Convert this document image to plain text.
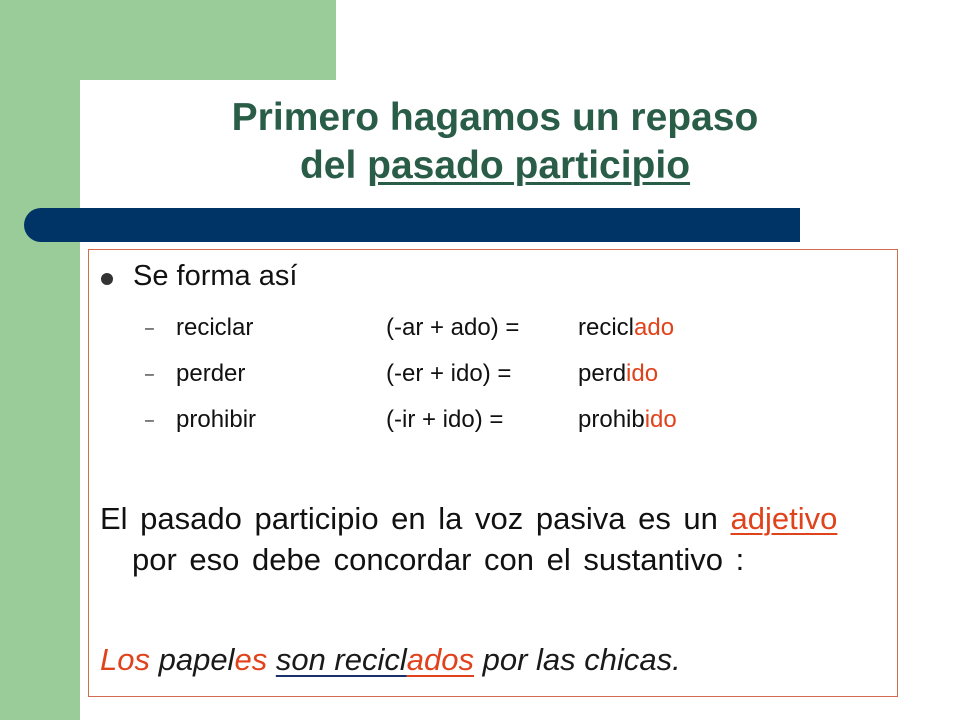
Primero hagamos un repaso
del pasado participio
Se forma así
– reciclar	(-ar + ado) = reciclado
– perder	(-er + ido) =	perdido
– prohibir	(-ir + ido) =	prohibido
El pasado participio en la voz pasiva es un adjetivo por eso debe concordar con el sustantivo :
Los papeles son reciclados por las chicas.
